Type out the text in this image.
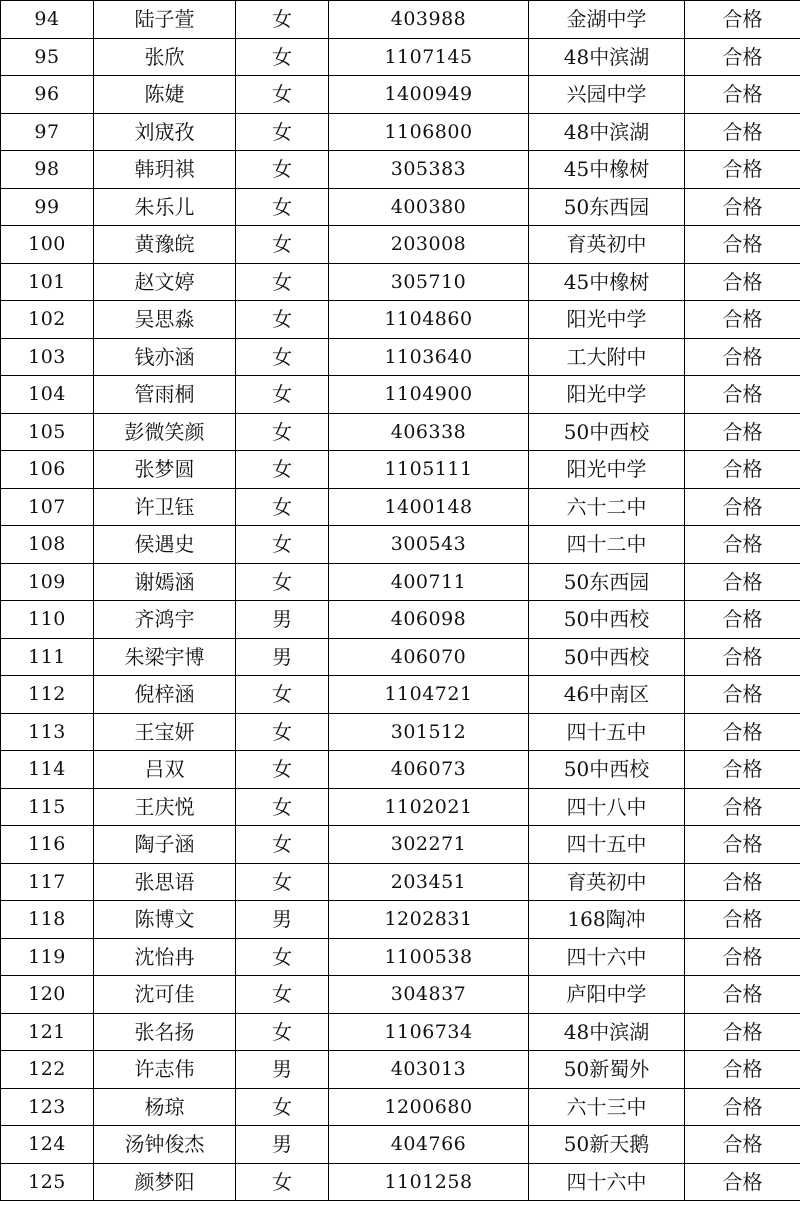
94	陆子萱	女	403988	金湖中学	合格
95	张欣	女	1107145	48中滨湖	合格
96	陈婕	女	1400949	兴园中学	合格
97	刘宬孜	女	1106800	48中滨湖	合格
98	韩玥祺	女	305383	45中橡树	合格
99	朱乐儿	女	400380	50东西园	合格
100	黄豫皖	女	203008	育英初中	合格
101	赵文婷	女	305710	45中橡树	合格
102	吴思淼	女	1104860	阳光中学	合格
103	钱亦涵	女	1103640	工大附中	合格
104	管雨桐	女	1104900	阳光中学	合格
105	彭微笑颜	女	406338	50中西校	合格
106	张梦圆	女	1105111	阳光中学	合格
107	许卫钰	女	1400148	六十二中	合格
108	侯遇史	女	300543	四十二中	合格
109	谢嫣涵	女	400711	50东西园	合格
110	齐鸿宇	男	406098	50中西校	合格
111	朱梁宇博	男	406070	50中西校	合格
112	倪梓涵	女	1104721	46中南区	合格
113	王宝妍	女	301512	四十五中	合格
114	吕双	女	406073	50中西校	合格
115	王庆悦	女	1102021	四十八中	合格
116	陶子涵	女	302271	四十五中	合格
117	张思语	女	203451	育英初中	合格
118	陈博文	男	1202831	168陶冲	合格
119	沈怡冉	女	1100538	四十六中	合格
120	沈可佳	女	304837	庐阳中学	合格
121	张名扬	女	1106734	48中滨湖	合格
122	许志伟	男	403013	50新蜀外	合格
123	杨琼	女	1200680	六十三中	合格
124	汤钟俊杰	男	404766	50新天鹅	合格
125	颜梦阳	女	1101258	四十六中	合格
